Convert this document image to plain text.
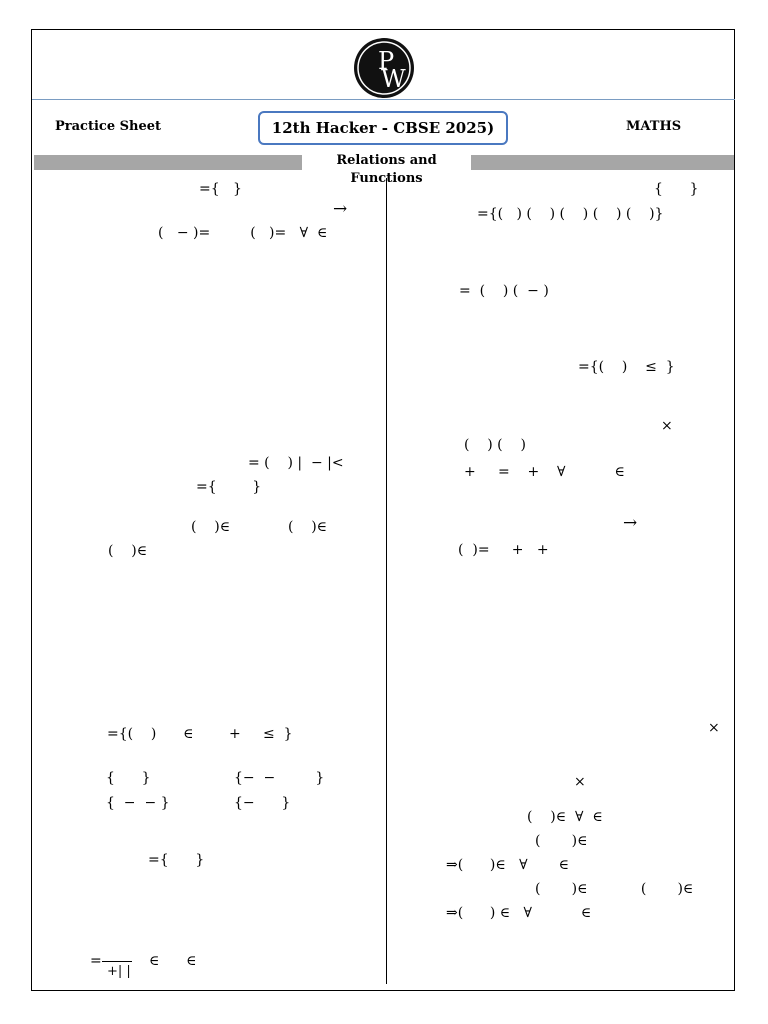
P
W
Practice Sheet	12th Hacker - CBSE 2025)	MATHS
Relations and Functions
={   }
→
(   − )=         (   )=   ∀  ∈
= (    ) |  − |<
={        }
(    )∈             (    )∈
(    )∈
={(    )      ∈        +     ≤  }
{      }	{−  −         }
{  −  − }	{−      }
={      }
=
+| |
∈      ∈
{      }
={(   ) (    ) (    ) (    ) (    )}
=  (    ) (  − )
={(    )    ≤  }
×
(    ) (    )
+     =    +    ∀           ∈
→
(  )=     +   +
×
×
(    )∈  ∀  ∈
(       )∈
⇒(      )∈   ∀       ∈
(       )∈            (       )∈
⇒(      ) ∈   ∀           ∈
